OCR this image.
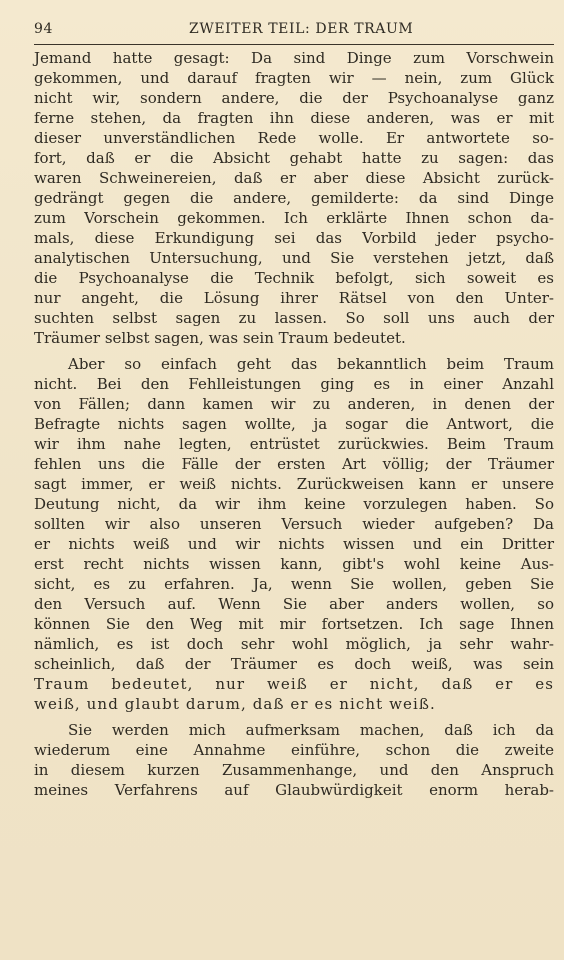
94	ZWEITER TEIL: DER TRAUM
Jemand hatte gesagt: Da sind Dinge zum Vorschwein
gekommen, und darauf fragten wir — nein, zum Glück
nicht wir, sondern andere, die der Psychoanalyse ganz
ferne stehen, da fragten ihn diese anderen, was er mit
dieser unverständlichen Rede wolle. Er antwortete so-
fort, daß er die Absicht gehabt hatte zu sagen: das
waren Schweinereien, daß er aber diese Absicht zurück-
gedrängt gegen die andere, gemilderte: da sind Dinge
zum Vorschein gekommen. Ich erklärte Ihnen schon da-
mals, diese Erkundigung sei das Vorbild jeder psycho-
analytischen Untersuchung, und Sie verstehen jetzt, daß
die Psychoanalyse die Technik befolgt, sich soweit es
nur angeht, die Lösung ihrer Rätsel von den Unter-
suchten selbst sagen zu lassen. So soll uns auch der
Träumer selbst sagen, was sein Traum bedeutet.
Aber so einfach geht das bekanntlich beim Traum
nicht. Bei den Fehlleistungen ging es in einer Anzahl
von Fällen; dann kamen wir zu anderen, in denen der
Befragte nichts sagen wollte, ja sogar die Antwort, die
wir ihm nahe legten, entrüstet zurückwies. Beim Traum
fehlen uns die Fälle der ersten Art völlig; der Träumer
sagt immer, er weiß nichts. Zurückweisen kann er unsere
Deutung nicht, da wir ihm keine vorzulegen haben. So
sollten wir also unseren Versuch wieder aufgeben? Da
er nichts weiß und wir nichts wissen und ein Dritter
erst recht nichts wissen kann, gibt's wohl keine Aus-
sicht, es zu erfahren. Ja, wenn Sie wollen, geben Sie
den Versuch auf. Wenn Sie aber anders wollen, so
können Sie den Weg mit mir fortsetzen. Ich sage Ihnen
nämlich, es ist doch sehr wohl möglich, ja sehr wahr-
scheinlich, daß der Träumer es doch weiß, was sein
Traum bedeutet, nur weiß er nicht, daß er es
weiß, und glaubt darum, daß er es nicht weiß.
Sie werden mich aufmerksam machen, daß ich da
wiederum eine Annahme einführe, schon die zweite
in diesem kurzen Zusammenhange, und den Anspruch
meines Verfahrens auf Glaubwürdigkeit enorm herab-
